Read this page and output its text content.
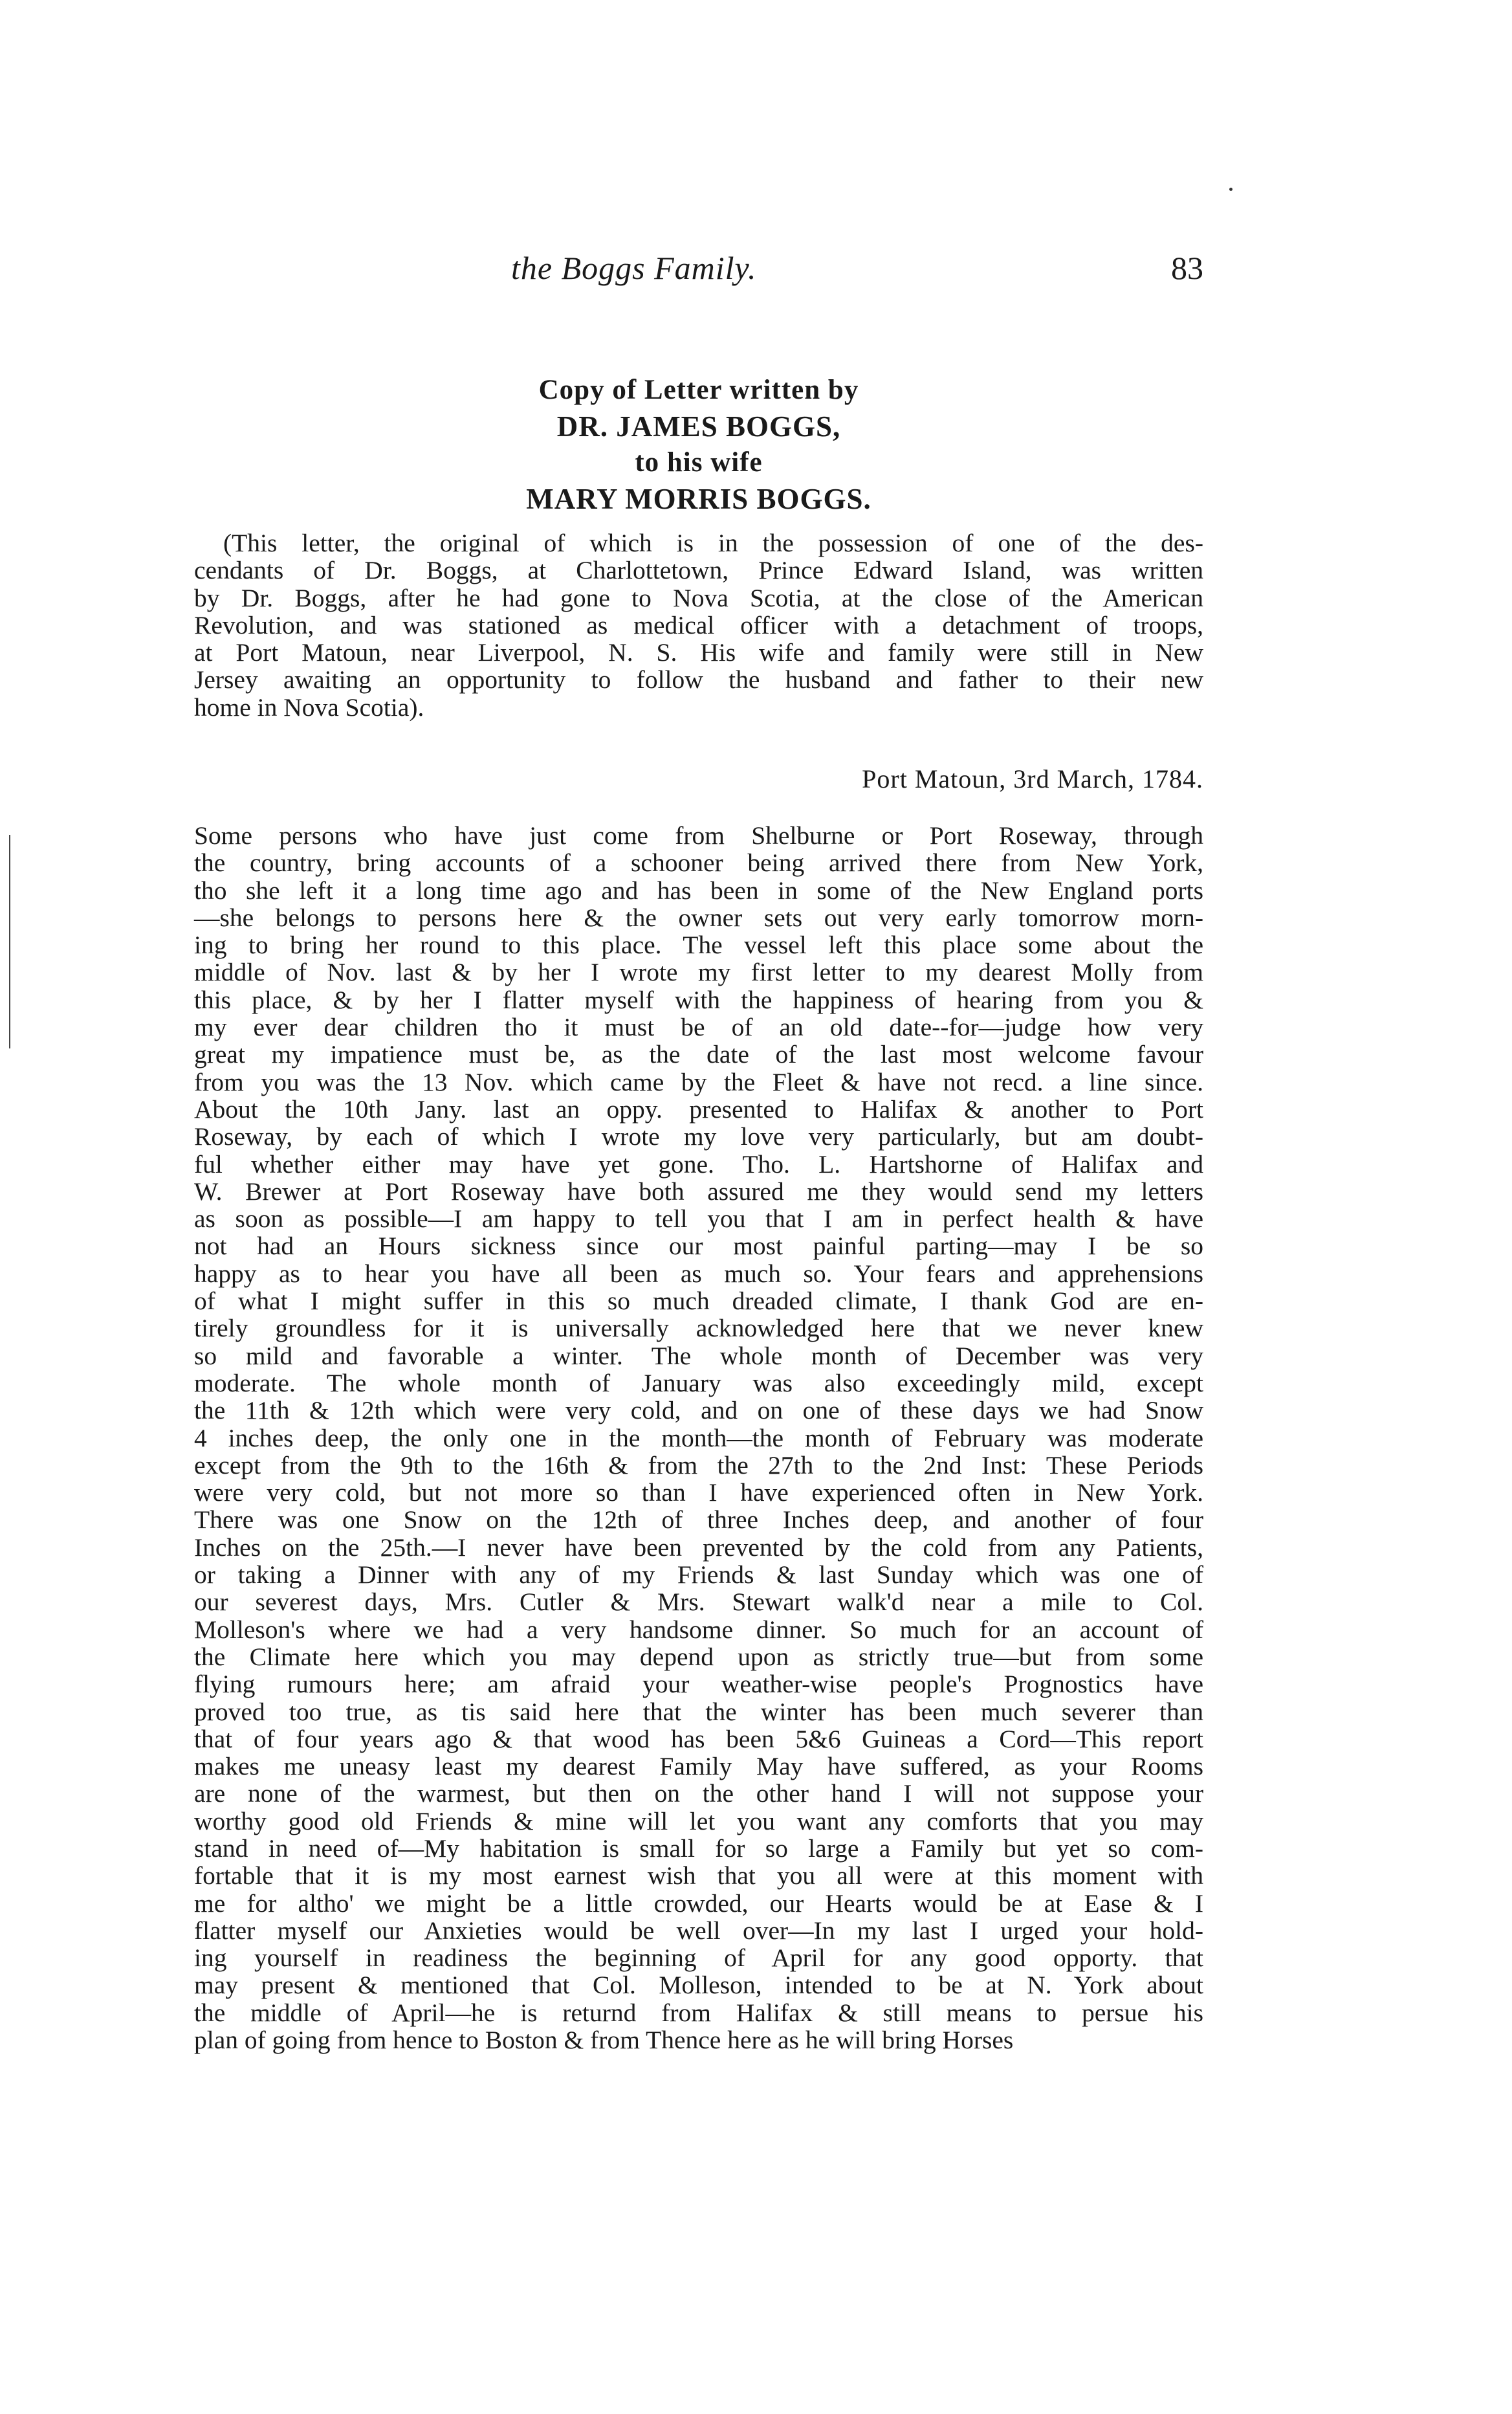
the Boggs Family.	83
Copy of Letter written by
DR. JAMES BOGGS,
to his wife
MARY MORRIS BOGGS.
(This letter, the original of which is in the possession of one of the des-
cendants of Dr. Boggs, at Charlottetown, Prince Edward Island, was written
by Dr. Boggs, after he had gone to Nova Scotia, at the close of the American
Revolution, and was stationed as medical officer with a detachment of troops,
at Port Matoun, near Liverpool, N. S. His wife and family were still in New
Jersey awaiting an opportunity to follow the husband and father to their new
home in Nova Scotia).
Port Matoun, 3rd March, 1784.
Some persons who have just come from Shelburne or Port Roseway, through
the country, bring accounts of a schooner being arrived there from New York,
tho she left it a long time ago and has been in some of the New England ports
—she belongs to persons here & the owner sets out very early tomorrow morn-
ing to bring her round to this place. The vessel left this place some about the
middle of Nov. last & by her I wrote my first letter to my dearest Molly from
this place, & by her I flatter myself with the happiness of hearing from you &
my ever dear children tho it must be of an old date--for—judge how very
great my impatience must be, as the date of the last most welcome favour
from you was the 13 Nov. which came by the Fleet & have not recd. a line since.
About the 10th Jany. last an oppy. presented to Halifax & another to Port
Roseway, by each of which I wrote my love very particularly, but am doubt-
ful whether either may have yet gone. Tho. L. Hartshorne of Halifax and
W. Brewer at Port Roseway have both assured me they would send my letters
as soon as possible—I am happy to tell you that I am in perfect health & have
not had an Hours sickness since our most painful parting—may I be so
happy as to hear you have all been as much so. Your fears and apprehensions
of what I might suffer in this so much dreaded climate, I thank God are en-
tirely groundless for it is universally acknowledged here that we never knew
so mild and favorable a winter. The whole month of December was very
moderate. The whole month of January was also exceedingly mild, except
the 11th & 12th which were very cold, and on one of these days we had Snow
4 inches deep, the only one in the month—the month of February was moderate
except from the 9th to the 16th & from the 27th to the 2nd Inst: These Periods
were very cold, but not more so than I have experienced often in New York.
There was one Snow on the 12th of three Inches deep, and another of four
Inches on the 25th.—I never have been prevented by the cold from any Patients,
or taking a Dinner with any of my Friends & last Sunday which was one of
our severest days, Mrs. Cutler & Mrs. Stewart walk'd near a mile to Col.
Molleson's where we had a very handsome dinner. So much for an account of
the Climate here which you may depend upon as strictly true—but from some
flying rumours here; am afraid your weather-wise people's Prognostics have
proved too true, as tis said here that the winter has been much severer than
that of four years ago & that wood has been 5&6 Guineas a Cord—This report
makes me uneasy least my dearest Family May have suffered, as your Rooms
are none of the warmest, but then on the other hand I will not suppose your
worthy good old Friends & mine will let you want any comforts that you may
stand in need of—My habitation is small for so large a Family but yet so com-
fortable that it is my most earnest wish that you all were at this moment with
me for altho' we might be a little crowded, our Hearts would be at Ease & I
flatter myself our Anxieties would be well over—In my last I urged your hold-
ing yourself in readiness the beginning of April for any good opporty. that
may present & mentioned that Col. Molleson, intended to be at N. York about
the middle of April—he is returnd from Halifax & still means to persue his
plan of going from hence to Boston & from Thence here as he will bring Horses
